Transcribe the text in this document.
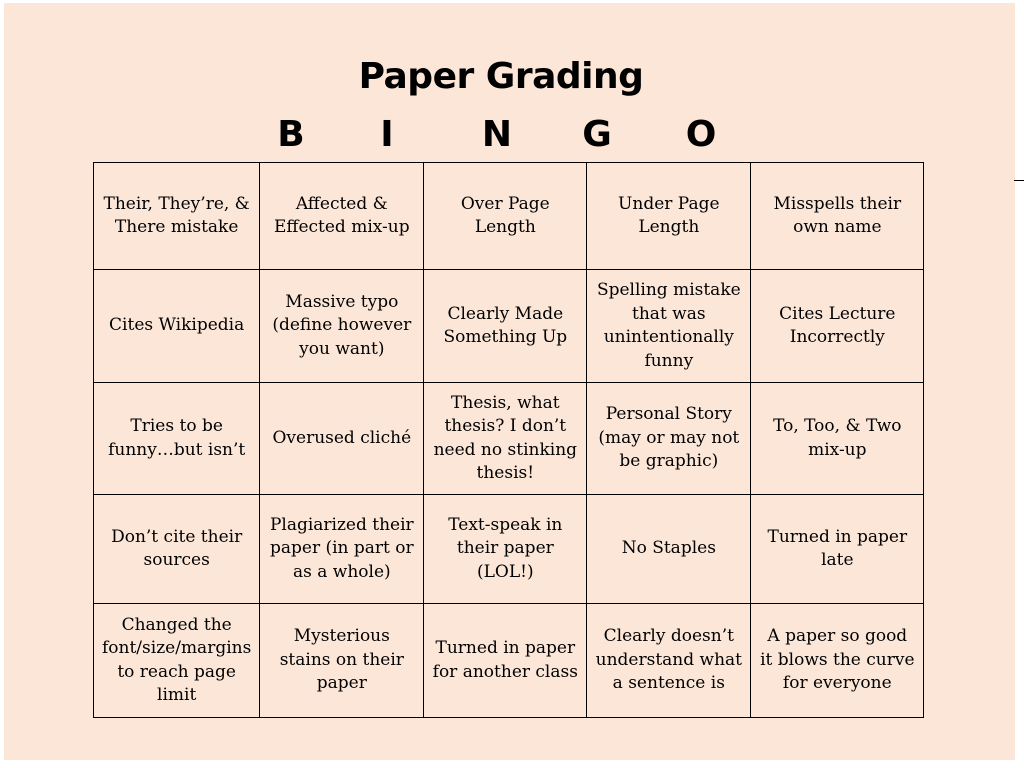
Paper Grading
B I N G O
Their, They’re, & There mistake	Affected & Effected mix-up	Over Page Length	Under Page Length	Misspells their own name
Cites Wikipedia	Massive typo (define however you want)	Clearly Made Something Up	Spelling mistake that was unintentionally funny	Cites Lecture Incorrectly
Tries to be funny…but isn’t	Overused cliché	Thesis, what thesis? I don’t need no stinking thesis!	Personal Story (may or may not be graphic)	To, Too, & Two mix-up
Don’t cite their sources	Plagiarized their paper (in part or as a whole)	Text-speak in their paper (LOL!)	No Staples	Turned in paper late
Changed the font/size/margins to reach page limit	Mysterious stains on their paper	Turned in paper for another class	Clearly doesn’t understand what a sentence is	A paper so good it blows the curve for everyone
